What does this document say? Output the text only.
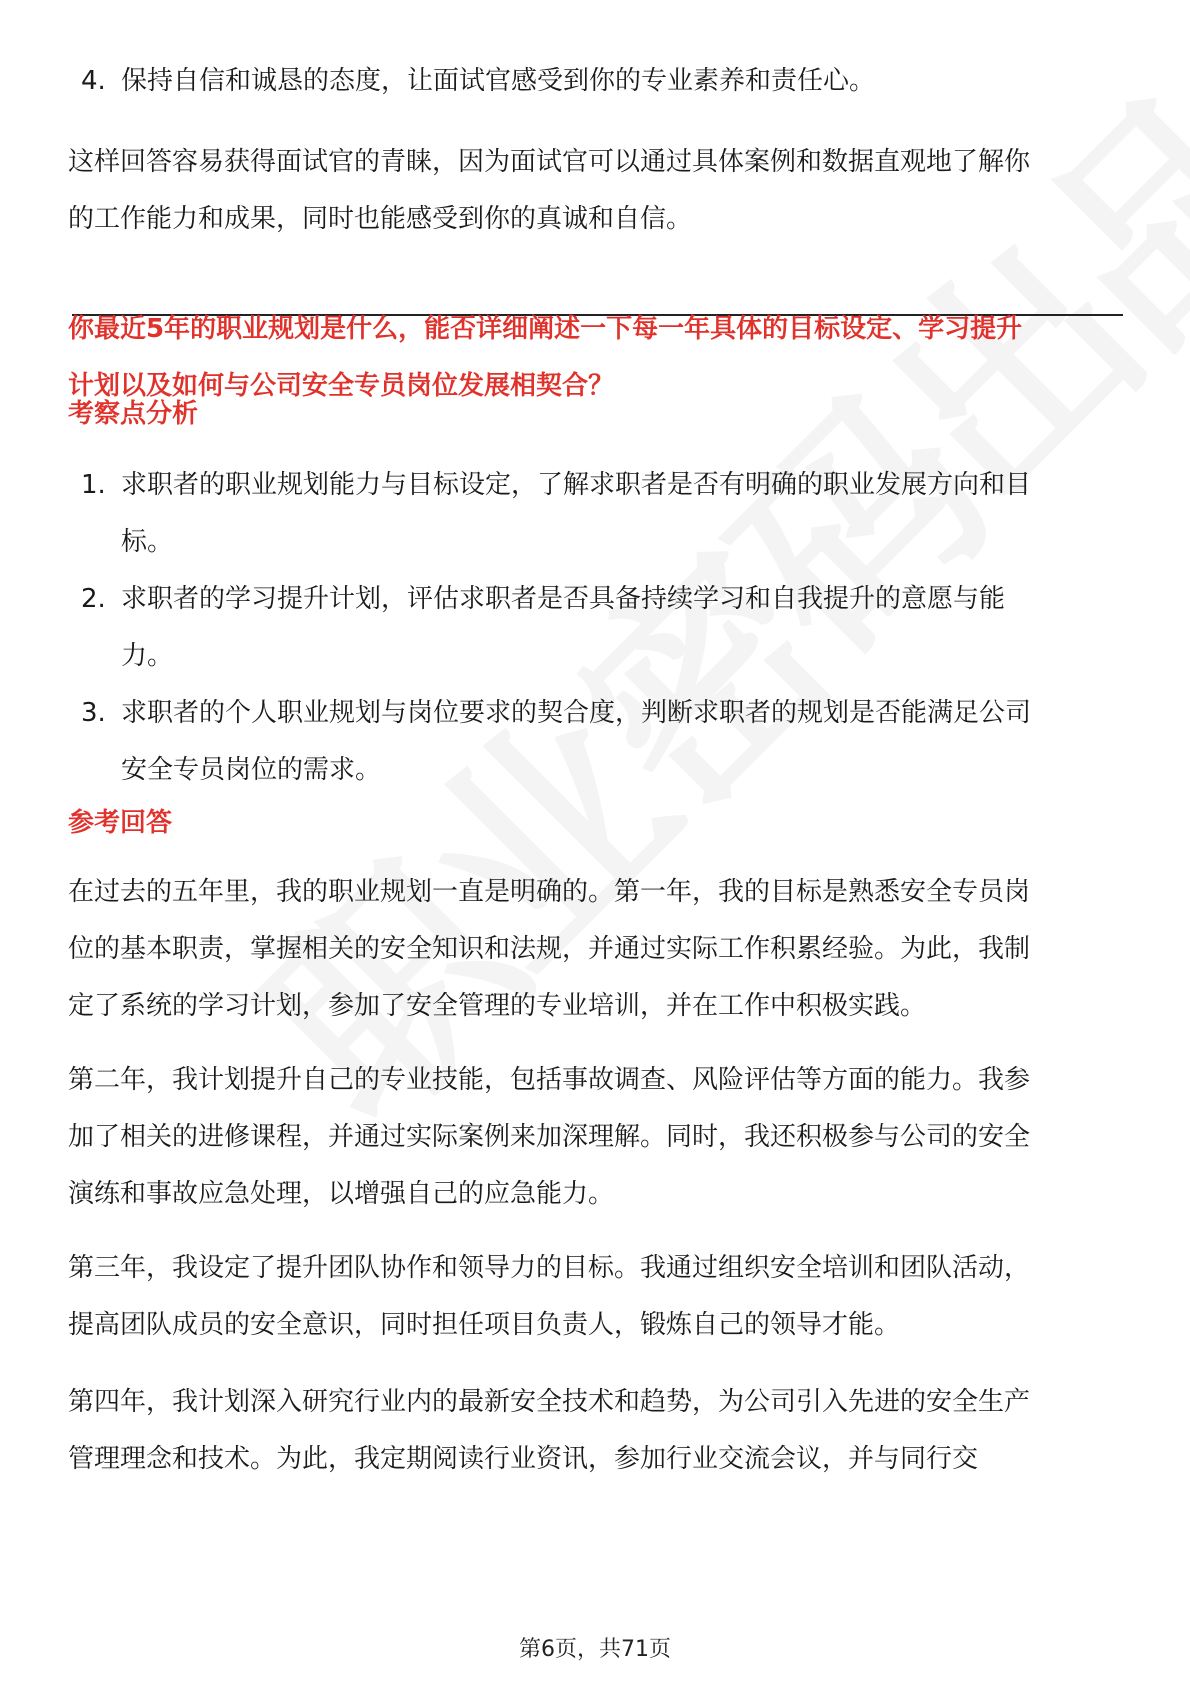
4. 保持自信和诚恳的态度，让面试官感受到你的专业素养和责任心。

这样回答容易获得面试官的青睐，因为面试官可以通过具体案例和数据直观地了解你的工作能力和成果，同时也能感受到你的真诚和自信。

你最近5年的职业规划是什么，能否详细阐述一下每一年具体的目标设定、学习提升计划以及如何与公司安全专员岗位发展相契合？

考察点分析

1. 求职者的职业规划能力与目标设定，了解求职者是否有明确的职业发展方向和目标。
2. 求职者的学习提升计划，评估求职者是否具备持续学习和自我提升的意愿与能力。
3. 求职者的个人职业规划与岗位要求的契合度，判断求职者的规划是否能满足公司安全专员岗位的需求。

参考回答

在过去的五年里，我的职业规划一直是明确的。第一年，我的目标是熟悉安全专员岗位的基本职责，掌握相关的安全知识和法规，并通过实际工作积累经验。为此，我制定了系统的学习计划，参加了安全管理的专业培训，并在工作中积极实践。

第二年，我计划提升自己的专业技能，包括事故调查、风险评估等方面的能力。我参加了相关的进修课程，并通过实际案例来加深理解。同时，我还积极参与公司的安全演练和事故应急处理，以增强自己的应急能力。

第三年，我设定了提升团队协作和领导力的目标。我通过组织安全培训和团队活动，提高团队成员的安全意识，同时担任项目负责人，锻炼自己的领导才能。

第四年，我计划深入研究行业内的最新安全技术和趋势，为公司引入先进的安全生产管理理念和技术。为此，我定期阅读行业资讯，参加行业交流会议，并与同行交

第6页，共71页
